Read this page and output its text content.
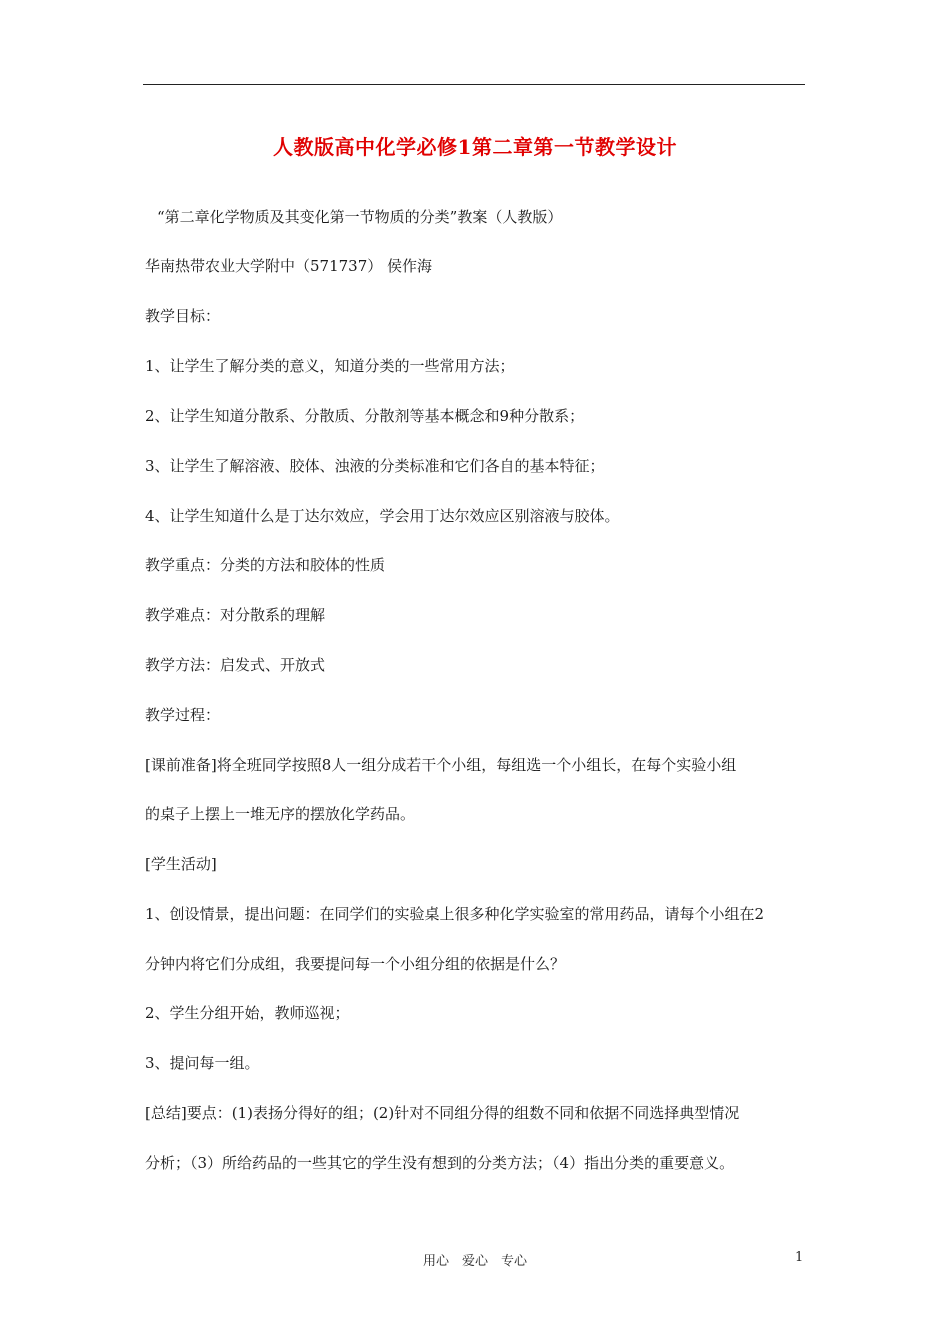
人教版高中化学必修1第二章第一节教学设计
“第二章化学物质及其变化第一节物质的分类”教案（人教版）
华南热带农业大学附中（571737） 侯作海
教学目标：
1、让学生了解分类的意义，知道分类的一些常用方法；
2、让学生知道分散系、分散质、分散剂等基本概念和9种分散系；
3、让学生了解溶液、胶体、浊液的分类标准和它们各自的基本特征；
4、让学生知道什么是丁达尔效应，学会用丁达尔效应区别溶液与胶体。
教学重点：分类的方法和胶体的性质
教学难点：对分散系的理解
教学方法：启发式、开放式
教学过程：
[课前准备]将全班同学按照8人一组分成若干个小组，每组选一个小组长，在每个实验小组
的桌子上摆上一堆无序的摆放化学药品。
[学生活动]
1、创设情景，提出问题：在同学们的实验桌上很多种化学实验室的常用药品，请每个小组在2
分钟内将它们分成组，我要提问每一个小组分组的依据是什么？
2、学生分组开始，教师巡视；
3、提问每一组。
[总结]要点：(1)表扬分得好的组；(2)针对不同组分得的组数不同和依据不同选择典型情况
分析；（3）所给药品的一些其它的学生没有想到的分类方法；（4）指出分类的重要意义。
用心　爱心　专心	1
